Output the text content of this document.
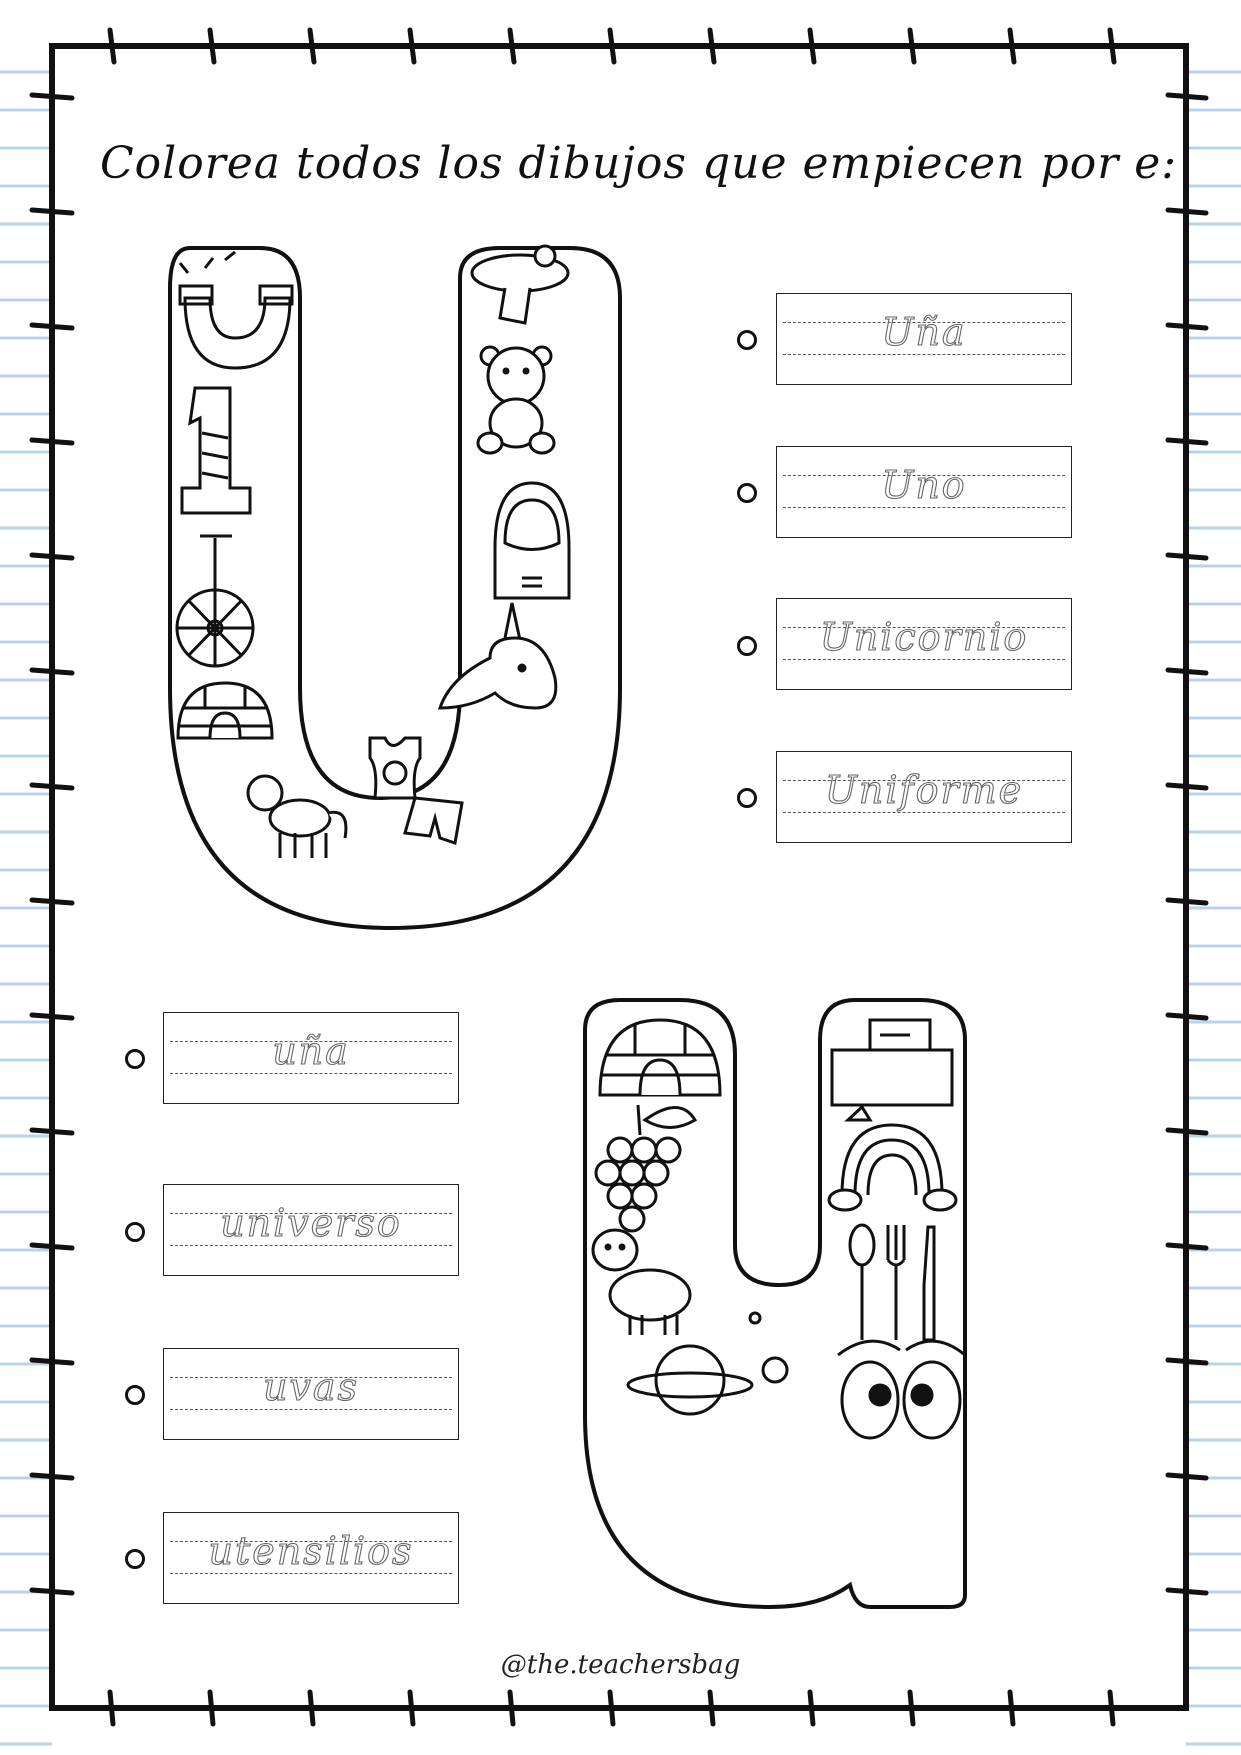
Colorea todos los dibujos que empiecen por e:
Uña
Uno
Unicornio
Uniforme
uña
universo
uvas
utensilios
@the.teachersbag
